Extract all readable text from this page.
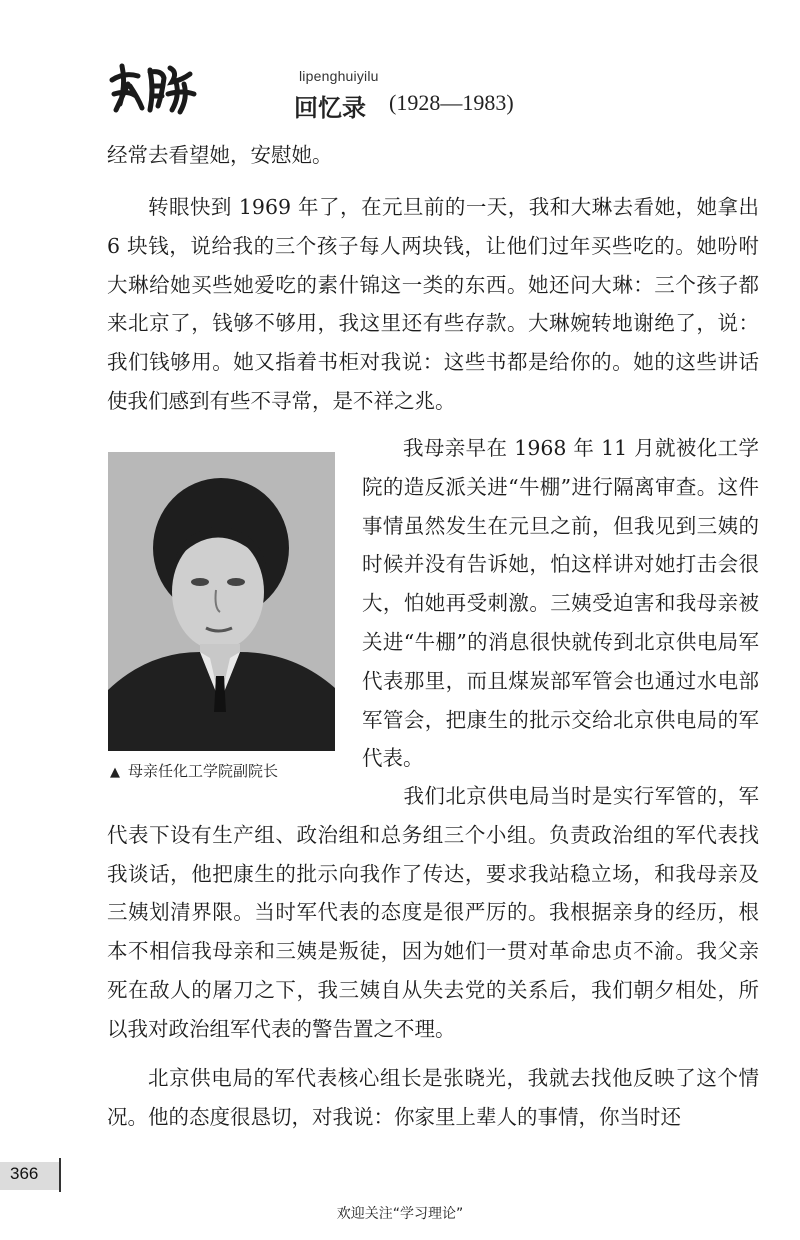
lipenghuiyilu
回忆录 (1928—1983)

经常去看望她，安慰她。

转眼快到 1969 年了，在元旦前的一天，我和大琳去看她，她拿出 6 块钱，说给我的三个孩子每人两块钱，让他们过年买些吃的。她吩咐大琳给她买些她爱吃的素什锦这一类的东西。她还问大琳：三个孩子都来北京了，钱够不够用，我这里还有些存款。大琳婉转地谢绝了，说：我们钱够用。她又指着书柜对我说：这些书都是给你的。她的这些讲话使我们感到有些不寻常，是不祥之兆。

▲ 母亲任化工学院副院长

我母亲早在 1968 年 11 月就被化工学院的造反派关进“牛棚”进行隔离审查。这件事情虽然发生在元旦之前，但我见到三姨的时候并没有告诉她，怕这样讲对她打击会很大，怕她再受刺激。三姨受迫害和我母亲被关进“牛棚”的消息很快就传到北京供电局军代表那里，而且煤炭部军管会也通过水电部军管会，把康生的批示交给北京供电局的军代表。

我们北京供电局当时是实行军管的，军代表下设有生产组、政治组和总务组三个小组。负责政治组的军代表找我谈话，他把康生的批示向我作了传达，要求我站稳立场，和我母亲及三姨划清界限。当时军代表的态度是很严厉的。我根据亲身的经历，根本不相信我母亲和三姨是叛徒，因为她们一贯对革命忠贞不渝。我父亲死在敌人的屠刀之下，我三姨自从失去党的关系后，我们朝夕相处，所以我对政治组军代表的警告置之不理。

北京供电局的军代表核心组长是张晓光，我就去找他反映了这个情况。他的态度很恳切，对我说：你家里上辈人的事情，你当时还

366
欢迎关注“学习理论”
